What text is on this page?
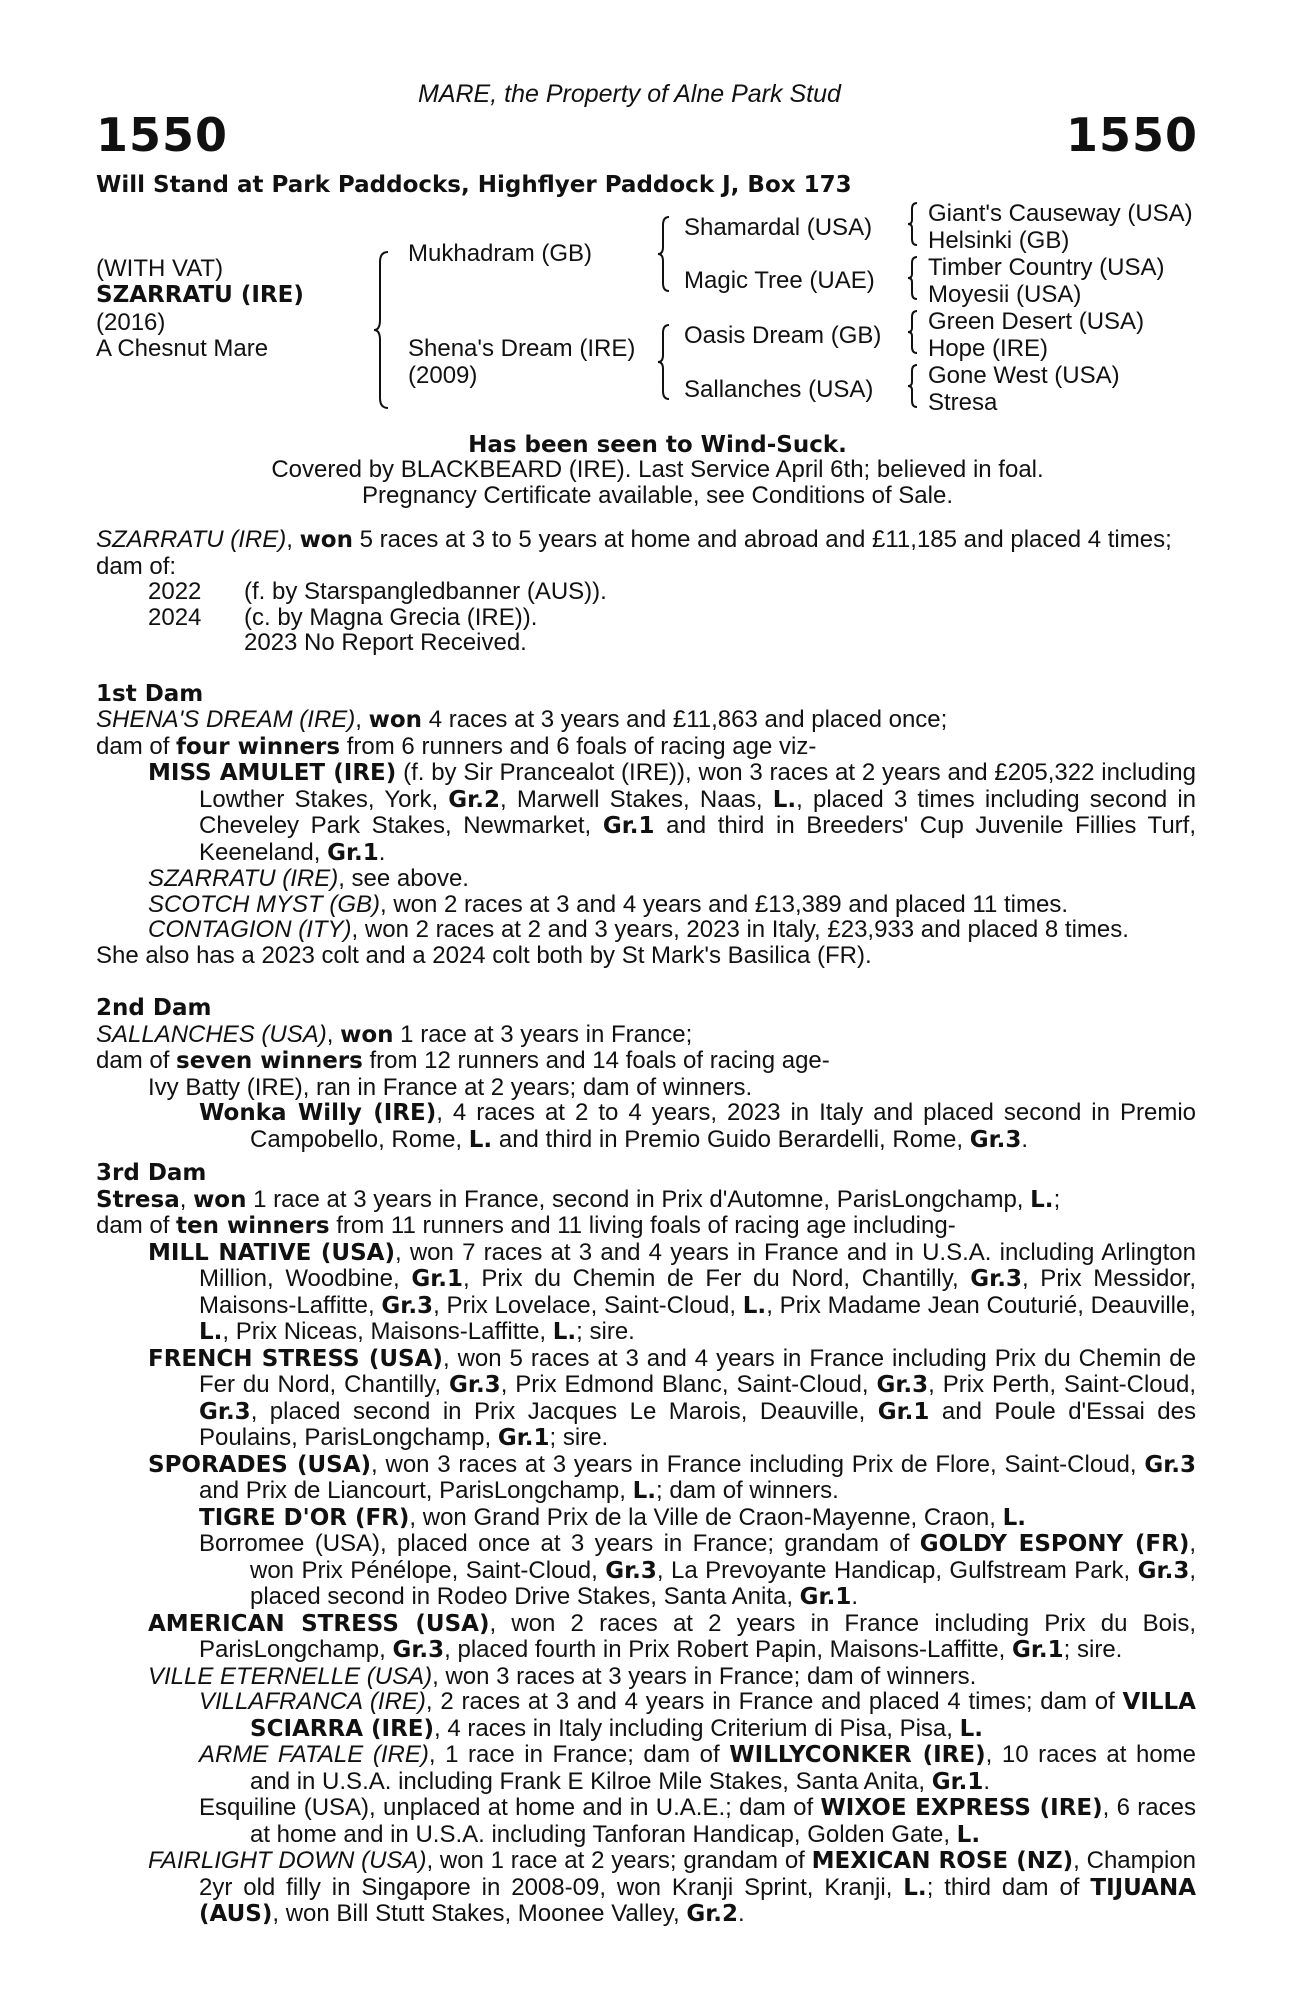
MARE, the Property of Alne Park Stud
1550	1550
Will Stand at Park Paddocks, Highflyer Paddock J, Box 173
(WITH VAT)
SZARRATU (IRE)
(2016)
A Chesnut Mare
Mukhadram (GB)
Shena's Dream (IRE)
(2009)
Shamardal (USA)
Magic Tree (UAE)
Oasis Dream (GB)
Sallanches (USA)
Giant's Causeway (USA)
Helsinki (GB)
Timber Country (USA)
Moyesii (USA)
Green Desert (USA)
Hope (IRE)
Gone West (USA)
Stresa
Has been seen to Wind-Suck.
Covered by BLACKBEARD (IRE). Last Service April 6th; believed in foal.
Pregnancy Certificate available, see Conditions of Sale.

SZARRATU (IRE), won 5 races at 3 to 5 years at home and abroad and £11,185 and placed 4 times;

dam of:

2022 (f. by Starspangledbanner (AUS)).

2024 (c. by Magna Grecia (IRE)).

2023 No Report Received.

1st Dam

SHENA'S DREAM (IRE), won 4 races at 3 years and £11,863 and placed once;

dam of four winners from 6 runners and 6 foals of racing age viz-

MISS AMULET (IRE) (f. by Sir Prancealot (IRE)), won 3 races at 2 years and £205,322 including Lowther Stakes, York, Gr.2, Marwell Stakes, Naas, L., placed 3 times including second in Cheveley Park Stakes, Newmarket, Gr.1 and third in Breeders' Cup Juvenile Fillies Turf, Keeneland, Gr.1.

SZARRATU (IRE), see above.

SCOTCH MYST (GB), won 2 races at 3 and 4 years and £13,389 and placed 11 times.

CONTAGION (ITY), won 2 races at 2 and 3 years, 2023 in Italy, £23,933 and placed 8 times.

She also has a 2023 colt and a 2024 colt both by St Mark's Basilica (FR).

2nd Dam

SALLANCHES (USA), won 1 race at 3 years in France;

dam of seven winners from 12 runners and 14 foals of racing age-

Ivy Batty (IRE), ran in France at 2 years; dam of winners.

Wonka Willy (IRE), 4 races at 2 to 4 years, 2023 in Italy and placed second in Premio Campobello, Rome, L. and third in Premio Guido Berardelli, Rome, Gr.3.

3rd Dam

Stresa, won 1 race at 3 years in France, second in Prix d'Automne, ParisLongchamp, L.;

dam of ten winners from 11 runners and 11 living foals of racing age including-

MILL NATIVE (USA), won 7 races at 3 and 4 years in France and in U.S.A. including Arlington Million, Woodbine, Gr.1, Prix du Chemin de Fer du Nord, Chantilly, Gr.3, Prix Messidor, Maisons-Laffitte, Gr.3, Prix Lovelace, Saint-Cloud, L., Prix Madame Jean Couturié, Deauville, L., Prix Niceas, Maisons-Laffitte, L.; sire.

FRENCH STRESS (USA), won 5 races at 3 and 4 years in France including Prix du Chemin de Fer du Nord, Chantilly, Gr.3, Prix Edmond Blanc, Saint-Cloud, Gr.3, Prix Perth, Saint-Cloud, Gr.3, placed second in Prix Jacques Le Marois, Deauville, Gr.1 and Poule d'Essai des Poulains, ParisLongchamp, Gr.1; sire.

SPORADES (USA), won 3 races at 3 years in France including Prix de Flore, Saint-Cloud, Gr.3 and Prix de Liancourt, ParisLongchamp, L.; dam of winners.

TIGRE D'OR (FR), won Grand Prix de la Ville de Craon-Mayenne, Craon, L.

Borromee (USA), placed once at 3 years in France; grandam of GOLDY ESPONY (FR), won Prix Pénélope, Saint-Cloud, Gr.3, La Prevoyante Handicap, Gulfstream Park, Gr.3, placed second in Rodeo Drive Stakes, Santa Anita, Gr.1.

AMERICAN STRESS (USA), won 2 races at 2 years in France including Prix du Bois, ParisLongchamp, Gr.3, placed fourth in Prix Robert Papin, Maisons-Laffitte, Gr.1; sire.

VILLE ETERNELLE (USA), won 3 races at 3 years in France; dam of winners.

VILLAFRANCA (IRE), 2 races at 3 and 4 years in France and placed 4 times; dam of VILLA SCIARRA (IRE), 4 races in Italy including Criterium di Pisa, Pisa, L.

ARME FATALE (IRE), 1 race in France; dam of WILLYCONKER (IRE), 10 races at home and in U.S.A. including Frank E Kilroe Mile Stakes, Santa Anita, Gr.1.

Esquiline (USA), unplaced at home and in U.A.E.; dam of WIXOE EXPRESS (IRE), 6 races at home and in U.S.A. including Tanforan Handicap, Golden Gate, L.

FAIRLIGHT DOWN (USA), won 1 race at 2 years; grandam of MEXICAN ROSE (NZ), Champion 2yr old filly in Singapore in 2008-09, won Kranji Sprint, Kranji, L.; third dam of TIJUANA (AUS), won Bill Stutt Stakes, Moonee Valley, Gr.2.
